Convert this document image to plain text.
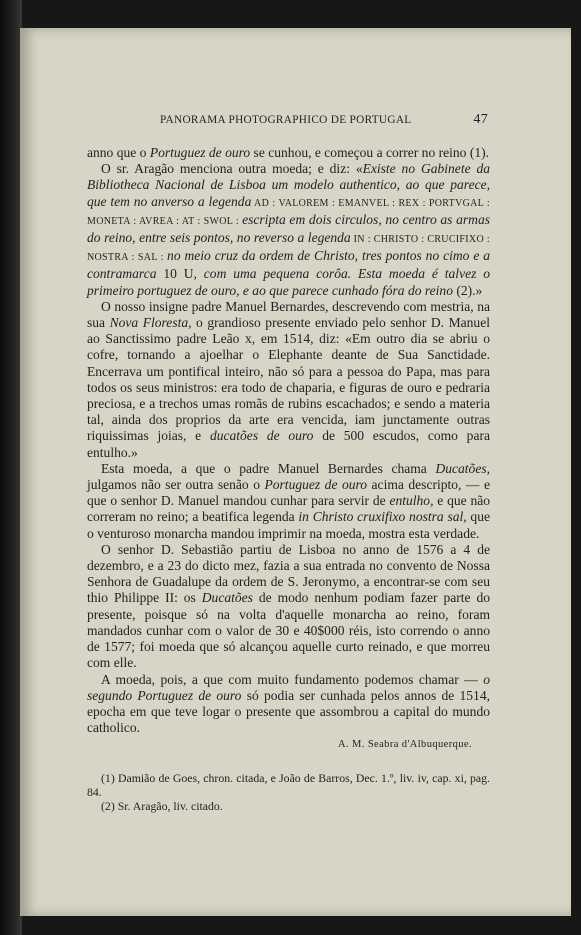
PANORAMA PHOTOGRAPHICO DE PORTUGAL	47

anno que o Portuguez de ouro se cunhou, e começou a correr no reino (1).

O sr. Aragão menciona outra moeda; e diz: «Existe no Gabinete da Bibliotheca Nacional de Lisboa um modelo authentico, ao que parece, que tem no anverso a legenda AD : VALOREM : EMANVEL : REX : PORTVGAL : MONETA : AVREA : AT : SWOL : escripta em dois circulos, no centro as armas do reino, entre seis pontos, no reverso a legenda IN : CHRISTO : CRUCIFIXO : NOSTRA : SAL : no meio cruz da ordem de Christo, tres pontos no cimo e a contramarca 10 U, com uma pequena corôa. Esta moeda é talvez o primeiro portuguez de ouro, e ao que parece cunhado fóra do reino (2).»

O nosso insigne padre Manuel Bernardes, descrevendo com mestria, na sua Nova Floresta, o grandioso presente enviado pelo senhor D. Manuel ao Sanctissimo padre Leão x, em 1514, diz: «Em outro dia se abriu o cofre, tornando a ajoelhar o Elephante deante de Sua Sanctidade. Encerrava um pontifical inteiro, não só para a pessoa do Papa, mas para todos os seus ministros: era todo de chaparia, e figuras de ouro e pedraria preciosa, e a trechos umas romãs de rubins escachados; e sendo a materia tal, ainda dos proprios da arte era vencida, iam junctamente outras riquissimas joias, e ducatões de ouro de 500 escudos, como para entulho.»

Esta moeda, a que o padre Manuel Bernardes chama Ducatões, julgamos não ser outra senão o Portuguez de ouro acima descripto, — e que o senhor D. Manuel mandou cunhar para servir de entulho, e que não correram no reino; a beatifica legenda in Christo cruxifixo nostra sal, que o venturoso monarcha mandou imprimir na moeda, mostra esta verdade.

O senhor D. Sebastião partiu de Lisboa no anno de 1576 a 4 de dezembro, e a 23 do dicto mez, fazia a sua entrada no convento de Nossa Senhora de Guadalupe da ordem de S. Jeronymo, a encontrar-se com seu thio Philippe II: os Ducatões de modo nenhum podiam fazer parte do presente, poisque só na volta d'aquelle monarcha ao reino, foram mandados cunhar com o valor de 30 e 40$000 réis, isto correndo o anno de 1577; foi moeda que só alcançou aquelle curto reinado, e que morreu com elle.

A moeda, pois, a que com muito fundamento podemos chamar — o segundo Portuguez de ouro só podia ser cunhada pelos annos de 1514, epocha em que teve logar o presente que assombrou a capital do mundo catholico.

A. M. Seabra d'Albuquerque.

(1) Damião de Goes, chron. citada, e João de Barros, Dec. 1.º, liv. iv, cap. xi, pag. 84.

(2) Sr. Aragão, liv. citado.
